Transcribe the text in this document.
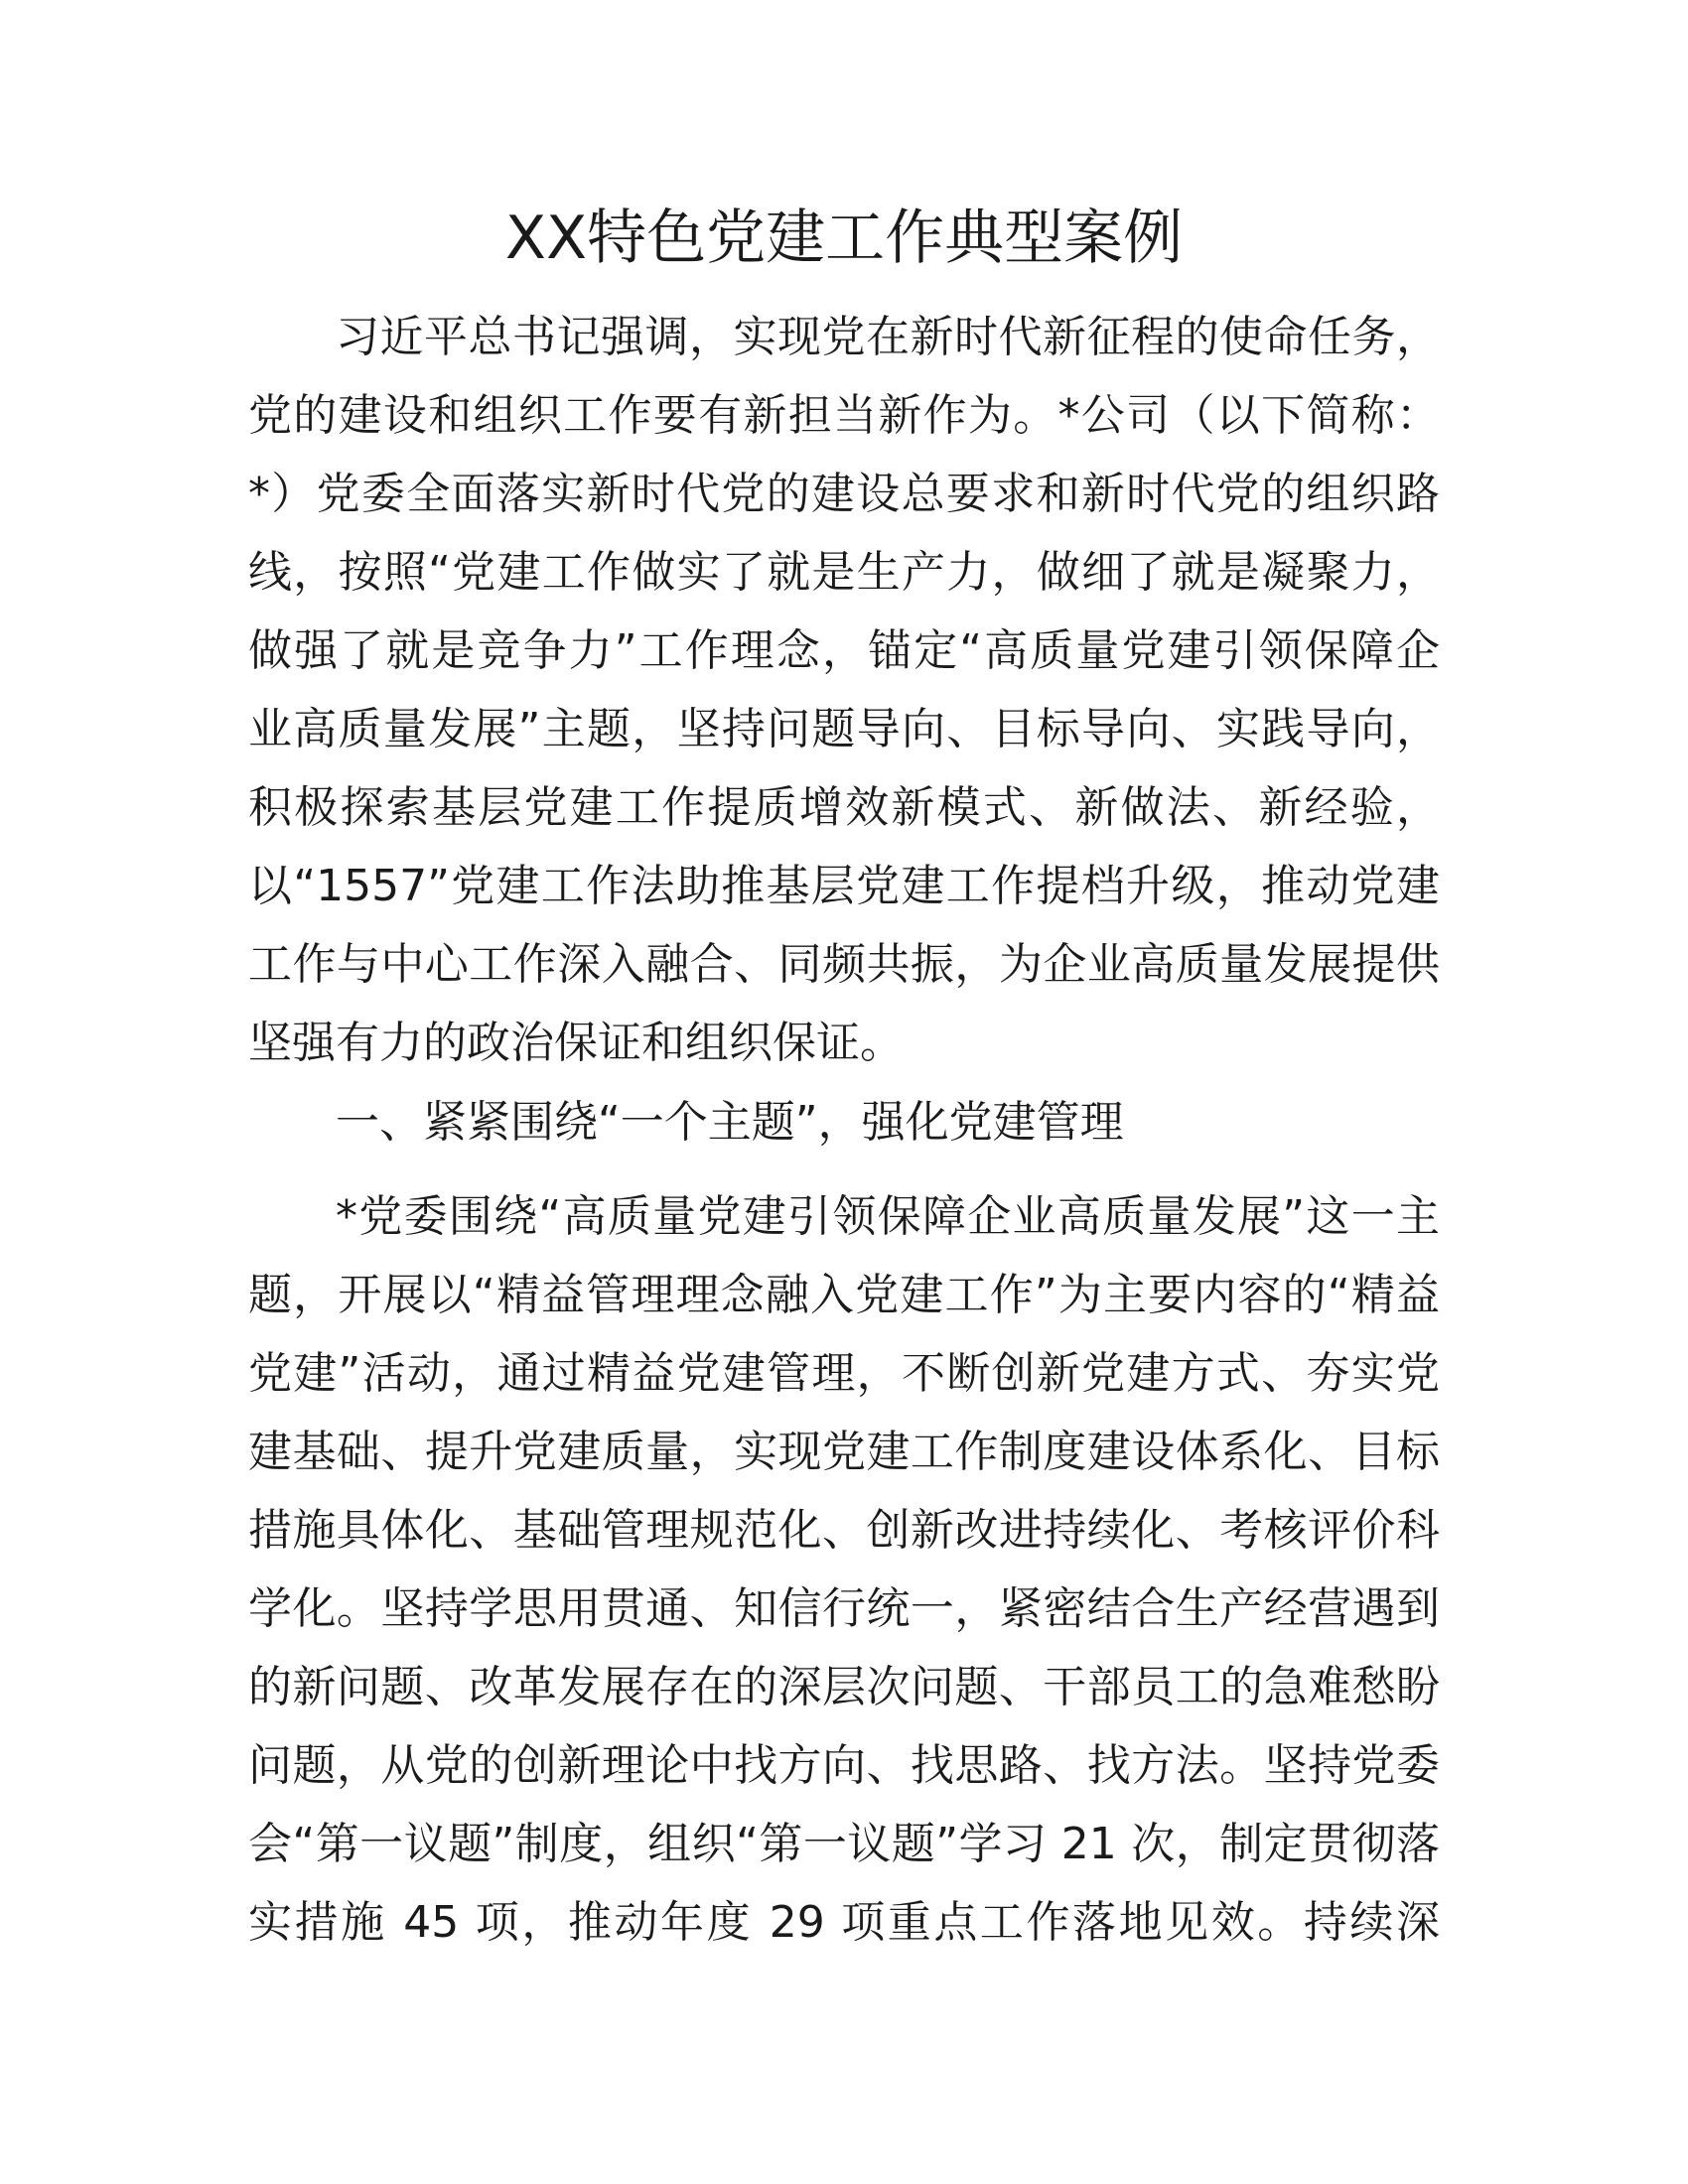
XX特色党建工作典型案例
习近平总书记强调，实现党在新时代新征程的使命任务，
党的建设和组织工作要有新担当新作为。*公司（以下简称：
*）党委全面落实新时代党的建设总要求和新时代党的组织路
线，按照“党建工作做实了就是生产力，做细了就是凝聚力，
做强了就是竞争力”工作理念，锚定“高质量党建引领保障企
业高质量发展”主题，坚持问题导向、目标导向、实践导向，
积极探索基层党建工作提质增效新模式、新做法、新经验，
以“1557”党建工作法助推基层党建工作提档升级，推动党建
工作与中心工作深入融合、同频共振，为企业高质量发展提供
坚强有力的政治保证和组织保证。
一、紧紧围绕“一个主题”，强化党建管理
*党委围绕“高质量党建引领保障企业高质量发展”这一主
题，开展以“精益管理理念融入党建工作”为主要内容的“精益
党建”活动，通过精益党建管理，不断创新党建方式、夯实党
建基础、提升党建质量，实现党建工作制度建设体系化、目标
措施具体化、基础管理规范化、创新改进持续化、考核评价科
学化。坚持学思用贯通、知信行统一，紧密结合生产经营遇到
的新问题、改革发展存在的深层次问题、干部员工的急难愁盼
问题，从党的创新理论中找方向、找思路、找方法。坚持党委
会“第一议题”制度，组织“第一议题”学习 21 次，制定贯彻落
实措施 45 项，推动年度 29 项重点工作落地见效。持续深
